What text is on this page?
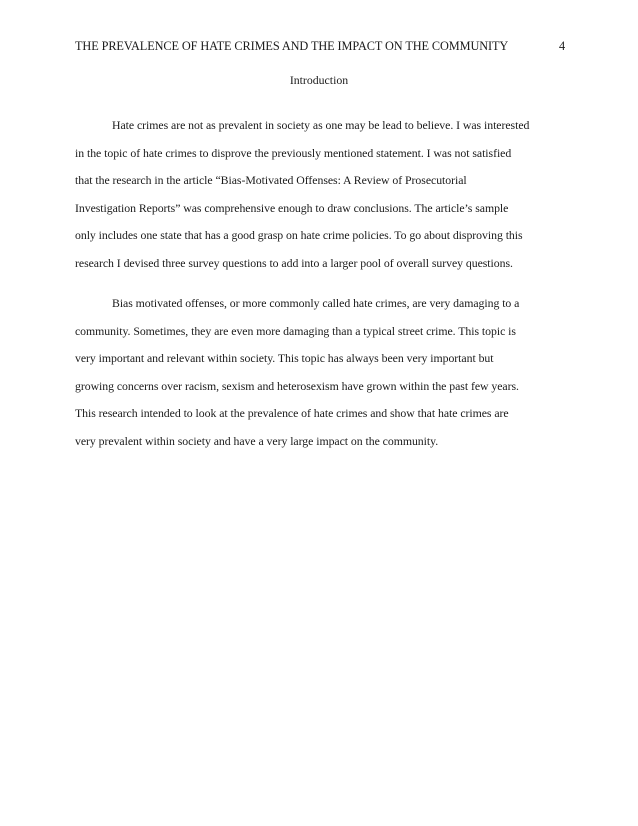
THE PREVALENCE OF HATE CRIMES AND THE IMPACT ON THE COMMUNITY	4
Introduction
Hate crimes are not as prevalent in society as one may be lead to believe. I was interested
in the topic of hate crimes to disprove the previously mentioned statement. I was not satisfied
that the research in the article “Bias-Motivated Offenses: A Review of Prosecutorial
Investigation Reports” was comprehensive enough to draw conclusions. The article’s sample
only includes one state that has a good grasp on hate crime policies. To go about disproving this
research I devised three survey questions to add into a larger pool of overall survey questions.
Bias motivated offenses, or more commonly called hate crimes, are very damaging to a
community. Sometimes, they are even more damaging than a typical street crime. This topic is
very important and relevant within society. This topic has always been very important but
growing concerns over racism, sexism and heterosexism have grown within the past few years.
This research intended to look at the prevalence of hate crimes and show that hate crimes are
very prevalent within society and have a very large impact on the community.
